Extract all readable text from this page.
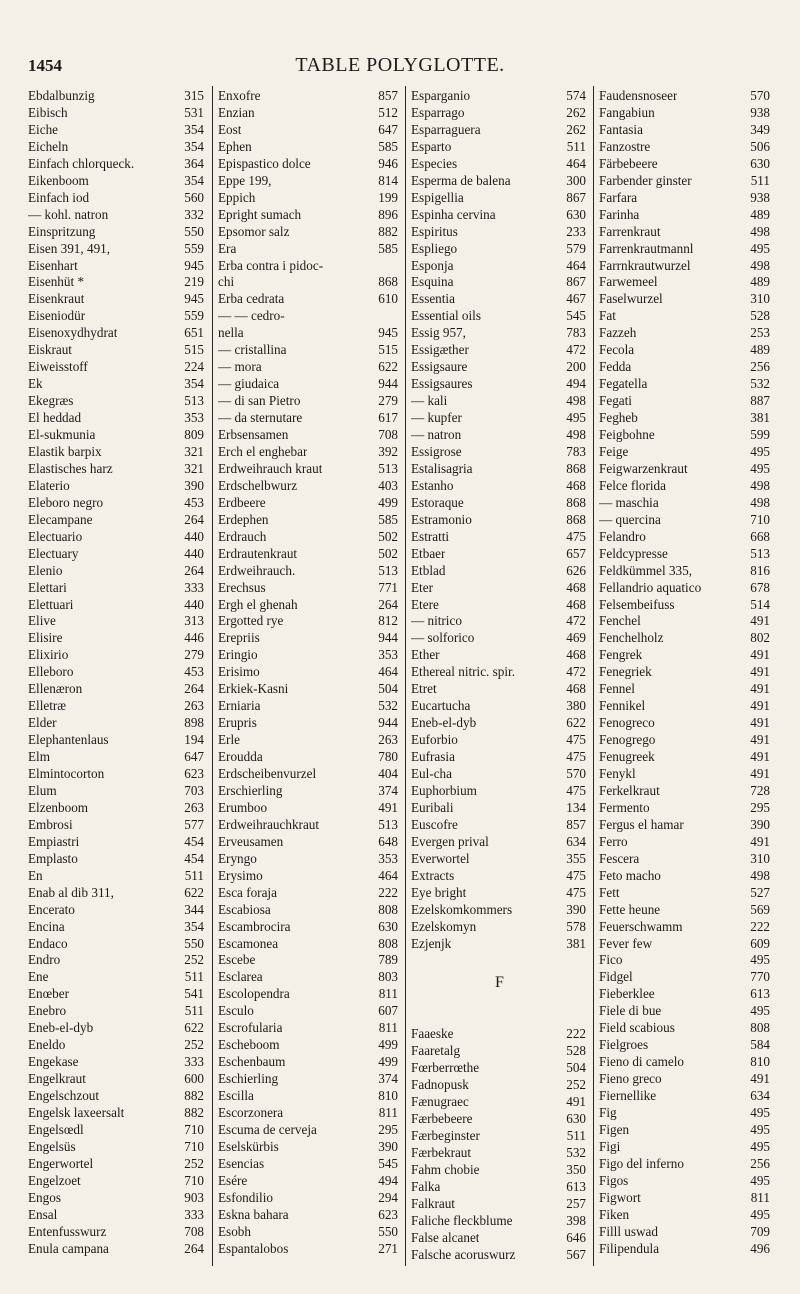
1454	TABLE POLYGLOTTE.
Ebdalbunzig	315
Eibisch	531
Eiche	354
Eicheln	354
Einfach chlorqueck.	364
Eikenboom	354
Einfach iod	560
— kohl. natron	332
Einspritzung	550
Eisen 391, 491,	559
Eisenhart	945
Eisenhüt *	219
Eisenkraut	945
Eiseniodür	559
Eisenoxydhydrat	651
Eiskraut	515
Eiweisstoff	224
Ek	354
Ekegræs	513
El heddad	353
El-sukmunia	809
Elastik barpix	321
Elastisches harz	321
Elaterio	390
Eleboro negro	453
Elecampane	264
Electuario	440
Electuary	440
Elenio	264
Elettari	333
Elettuari	440
Elive	313
Elisire	446
Elixirio	279
Elleboro	453
Ellenæron	264
Elletræ	263
Elder	898
Elephantenlaus	194
Elm	647
Elmintocorton	623
Elum	703
Elzenboom	263
Embrosi	577
Empiastri	454
Emplasto	454
En	511
Enab al dib 311,	622
Encerato	344
Encina	354
Endaco	550
Endro	252
Ene	511
Enœber	541
Enebro	511
Eneb-el-dyb	622
Eneldo	252
Engekase	333
Engelkraut	600
Engelschzout	882
Engelsk laxeersalt	882
Engelsœdl	710
Engelsüs	710
Engerwortel	252
Engelzoet	710
Engos	903
Ensal	333
Entenfusswurz	708
Enula campana	264
Enxofre	857
Enzian	512
Eost	647
Ephen	585
Epispastico dolce	946
Eppe 199,	814
Eppich	199
Epright sumach	896
Epsomor salz	882
Era	585
Erba contra i pidoc-
chi	868
Erba cedrata	610
— — cedro-
nella	945
— cristallina	515
— mora	622
— giudaica	944
— di san Pietro	279
— da sternutare	617
Erbsensamen	708
Erch el enghebar	392
Erdweihrauch kraut	513
Erdschelbwurz	403
Erdbeere	499
Erdephen	585
Erdrauch	502
Erdrautenkraut	502
Erdweihrauch.	513
Erechsus	771
Ergh el ghenah	264
Ergotted rye	812
Erepriis	944
Eringio	353
Erisimo	464
Erkiek-Kasni	504
Erniaria	532
Erupris	944
Erle	263
Eroudda	780
Erdscheibenvurzel	404
Erschierling	374
Erumboo	491
Erdweihrauchkraut	513
Erveusamen	648
Eryngo	353
Erysimo	464
Esca foraja	222
Escabiosa	808
Escambrocira	630
Escamonea	808
Escebe	789
Esclarea	803
Escolopendra	811
Esculo	607
Escrofularia	811
Escheboom	499
Eschenbaum	499
Eschierling	374
Escilla	810
Escorzonera	811
Escuma de cerveja	295
Eselskürbis	390
Esencias	545
Esére	494
Esfondilio	294
Eskna bahara	623
Esobh	550
Espantalobos	271
Esparganio	574
Esparrago	262
Esparraguera	262
Esparto	511
Especies	464
Esperma de balena	300
Espigellia	867
Espinha cervina	630
Espiritus	233
Espliego	579
Esponja	464
Esquina	867
Essentia	467
Essential oils	545
Essig 957,	783
Essigæther	472
Essigsaure	200
Essigsaures	494
— kali	498
— kupfer	495
— natron	498
Essigrose	783
Estalisagria	868
Estanho	468
Estoraque	868
Estramonio	868
Estratti	475
Etbaer	657
Etblad	626
Eter	468
Etere	468
— nitrico	472
— solforico	469
Ether	468
Ethereal nitric. spir.	472
Etret	468
Eucartucha	380
Eneb-el-dyb	622
Euforbio	475
Eufrasia	475
Eul-cha	570
Euphorbium	475
Euribali	134
Euscofre	857
Evergen prival	634
Everwortel	355
Extracts	475
Eye bright	475
Ezelskomkommers	390
Ezelskomyn	578
Ezjenjk	381
F
Faaeske	222
Faaretalg	528
Fœrberrœthe	504
Fadnopusk	252
Fænugraec	491
Færbebeere	630
Færbeginster	511
Færbekraut	532
Fahm chobie	350
Falka	613
Falkraut	257
Faliche fleckblume	398
False alcanet	646
Falsche acoruswurz	567
Faudensnoseer	570
Fangabiun	938
Fantasia	349
Fanzostre	506
Färbebeere	630
Farbender ginster	511
Farfara	938
Farinha	489
Farrenkraut	498
Farrenkrautmannl	495
Farrnkrautwurzel	498
Farwemeel	489
Faselwurzel	310
Fat	528
Fazzeh	253
Fecola	489
Fedda	256
Fegatella	532
Fegati	887
Fegheb	381
Feigbohne	599
Feige	495
Feigwarzenkraut	495
Felce florida	498
— maschia	498
— quercina	710
Felandro	668
Feldcypresse	513
Feldkümmel 335,	816
Fellandrio aquatico	678
Felsembeifuss	514
Fenchel	491
Fenchelholz	802
Fengrek	491
Fenegriek	491
Fennel	491
Fennikel	491
Fenogreco	491
Fenogrego	491
Fenugreek	491
Fenykl	491
Ferkelkraut	728
Fermento	295
Fergus el hamar	390
Ferro	491
Fescera	310
Feto macho	498
Fett	527
Fette heune	569
Feuerschwamm	222
Fever few	609
Fico	495
Fidgel	770
Fieberklee	613
Fiele di bue	495
Field scabious	808
Fielgroes	584
Fieno di camelo	810
Fieno greco	491
Fiernellike	634
Fig	495
Figen	495
Figi	495
Figo del inferno	256
Figos	495
Figwort	811
Fiken	495
Filll uswad	709
Filipendula	496
